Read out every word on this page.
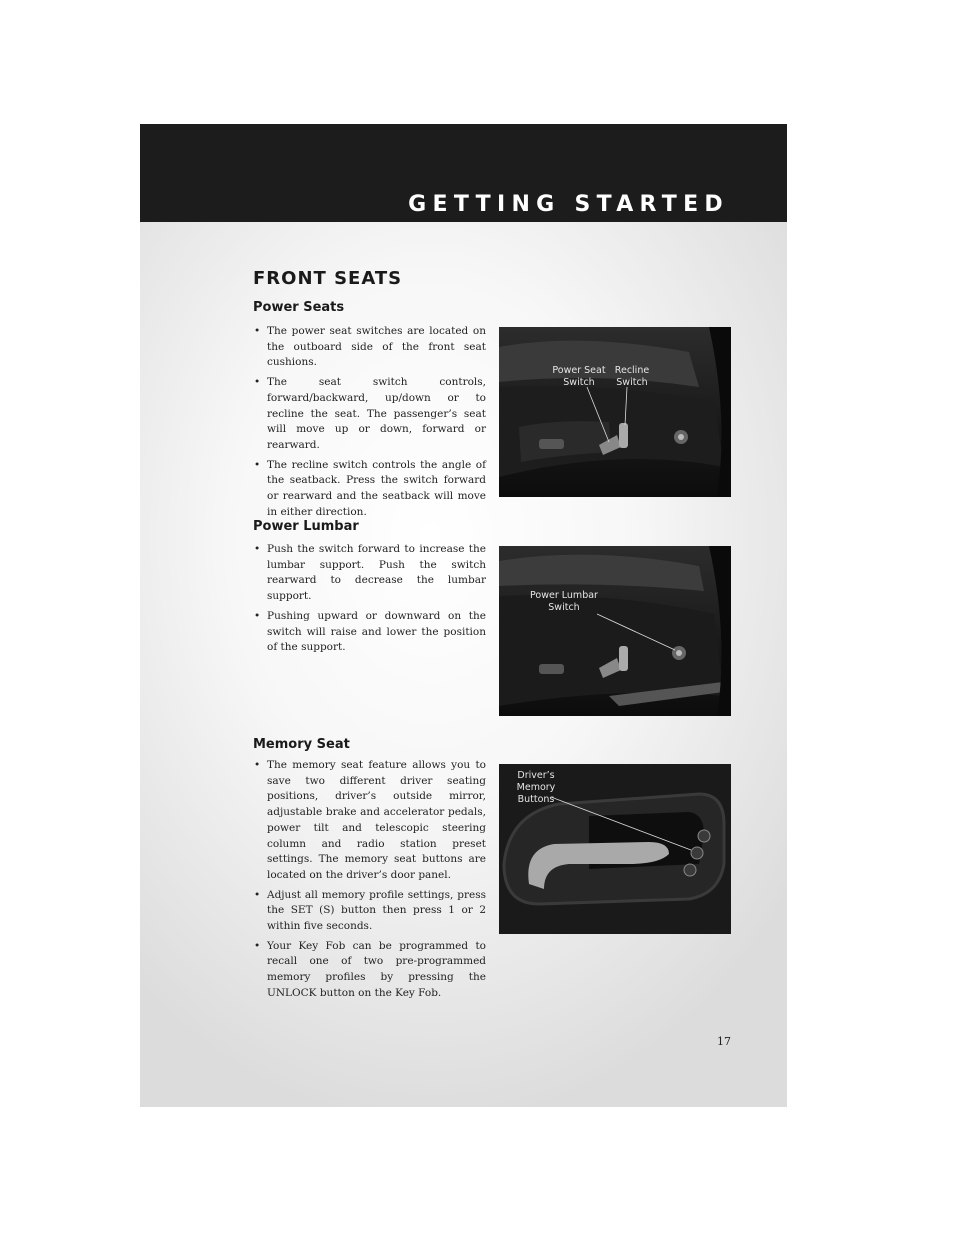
GETTING STARTED
FRONT SEATS
Power Seats
• The power seat switches are located on the outboard side of the front seat cushions.
• The seat switch controls, forward/backward, up/down or to recline the seat. The passenger’s seat will move up or down, forward or rearward.
• The recline switch controls the angle of the seatback. Press the switch forward or rearward and the seatback will move in either direction.
Power Seat Switch
Recline Switch
Power Lumbar
• Push the switch forward to increase the lumbar support. Push the switch rearward to decrease the lumbar support.
• Pushing upward or downward on the switch will raise and lower the position of the support.
Power Lumbar Switch
Memory Seat
• The memory seat feature allows you to save two different driver seating positions, driver’s outside mirror, adjustable brake and accelerator pedals, power tilt and telescopic steering column and radio station preset settings. The memory seat buttons are located on the driver’s door panel.
• Adjust all memory profile settings, press the SET (S) button then press 1 or 2 within five seconds.
• Your Key Fob can be programmed to recall one of two pre-programmed memory profiles by pressing the UNLOCK button on the Key Fob.
Driver’s Memory Buttons
17
